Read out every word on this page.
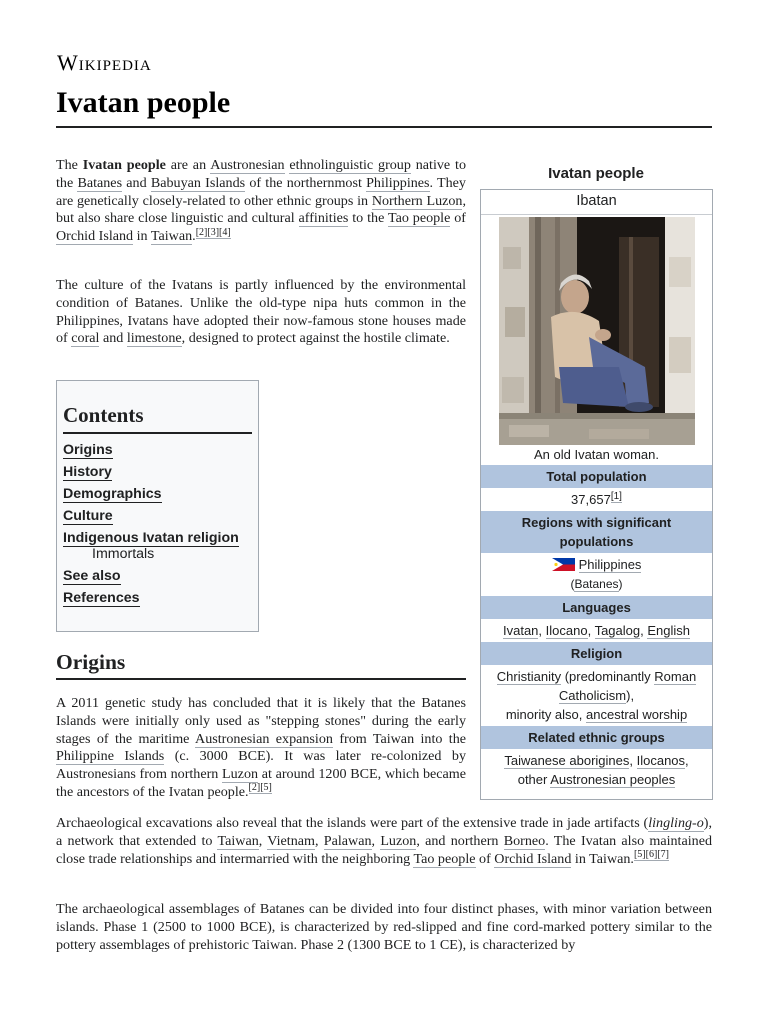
Wikipedia
Ivatan people

The Ivatan people are an Austronesian ethnolinguistic group native to the Batanes and Babuyan Islands of the northernmost Philippines. They are genetically closely-related to other ethnic groups in Northern Luzon, but also share close linguistic and cultural affinities to the Tao people of Orchid Island in Taiwan.[2][3][4]

The culture of the Ivatans is partly influenced by the environmental condition of Batanes. Unlike the old-type nipa huts common in the Philippines, Ivatans have adopted their now-famous stone houses made of coral and limestone, designed to protect against the hostile climate.

Contents
Origins
History
Demographics
Culture
Indigenous Ivatan religion
Immortals
See also
References
Origins

A 2011 genetic study has concluded that it is likely that the Batanes Islands were initially only used as "stepping stones" during the early stages of the maritime Austronesian expansion from Taiwan into the Philippine Islands (c. 3000 BCE). It was later re-colonized by Austronesians from northern Luzon at around 1200 BCE, which became the ancestors of the Ivatan people.[2][5]

Archaeological excavations also reveal that the islands were part of the extensive trade in jade artifacts (lingling-o), a network that extended to Taiwan, Vietnam, Palawan, Luzon, and northern Borneo. The Ivatan also maintained close trade relationships and intermarried with the neighboring Tao people of Orchid Island in Taiwan.[5][6][7]

The archaeological assemblages of Batanes can be divided into four distinct phases, with minor variation between islands. Phase 1 (2500 to 1000 BCE), is characterized by red-slipped and fine cord-marked pottery similar to the pottery assemblages of prehistoric Taiwan. Phase 2 (1300 BCE to 1 CE), is characterized by

Ivatan people
Ibatan
An old Ivatan woman.
Total population
37,657[1]
Regions with significant populations
Philippines
(Batanes)
Languages
Ivatan, Ilocano, Tagalog, English
Religion
Christianity (predominantly Roman Catholicism),
minority also, ancestral worship
Related ethnic groups
Taiwanese aborigines, Ilocanos,
other Austronesian peoples
